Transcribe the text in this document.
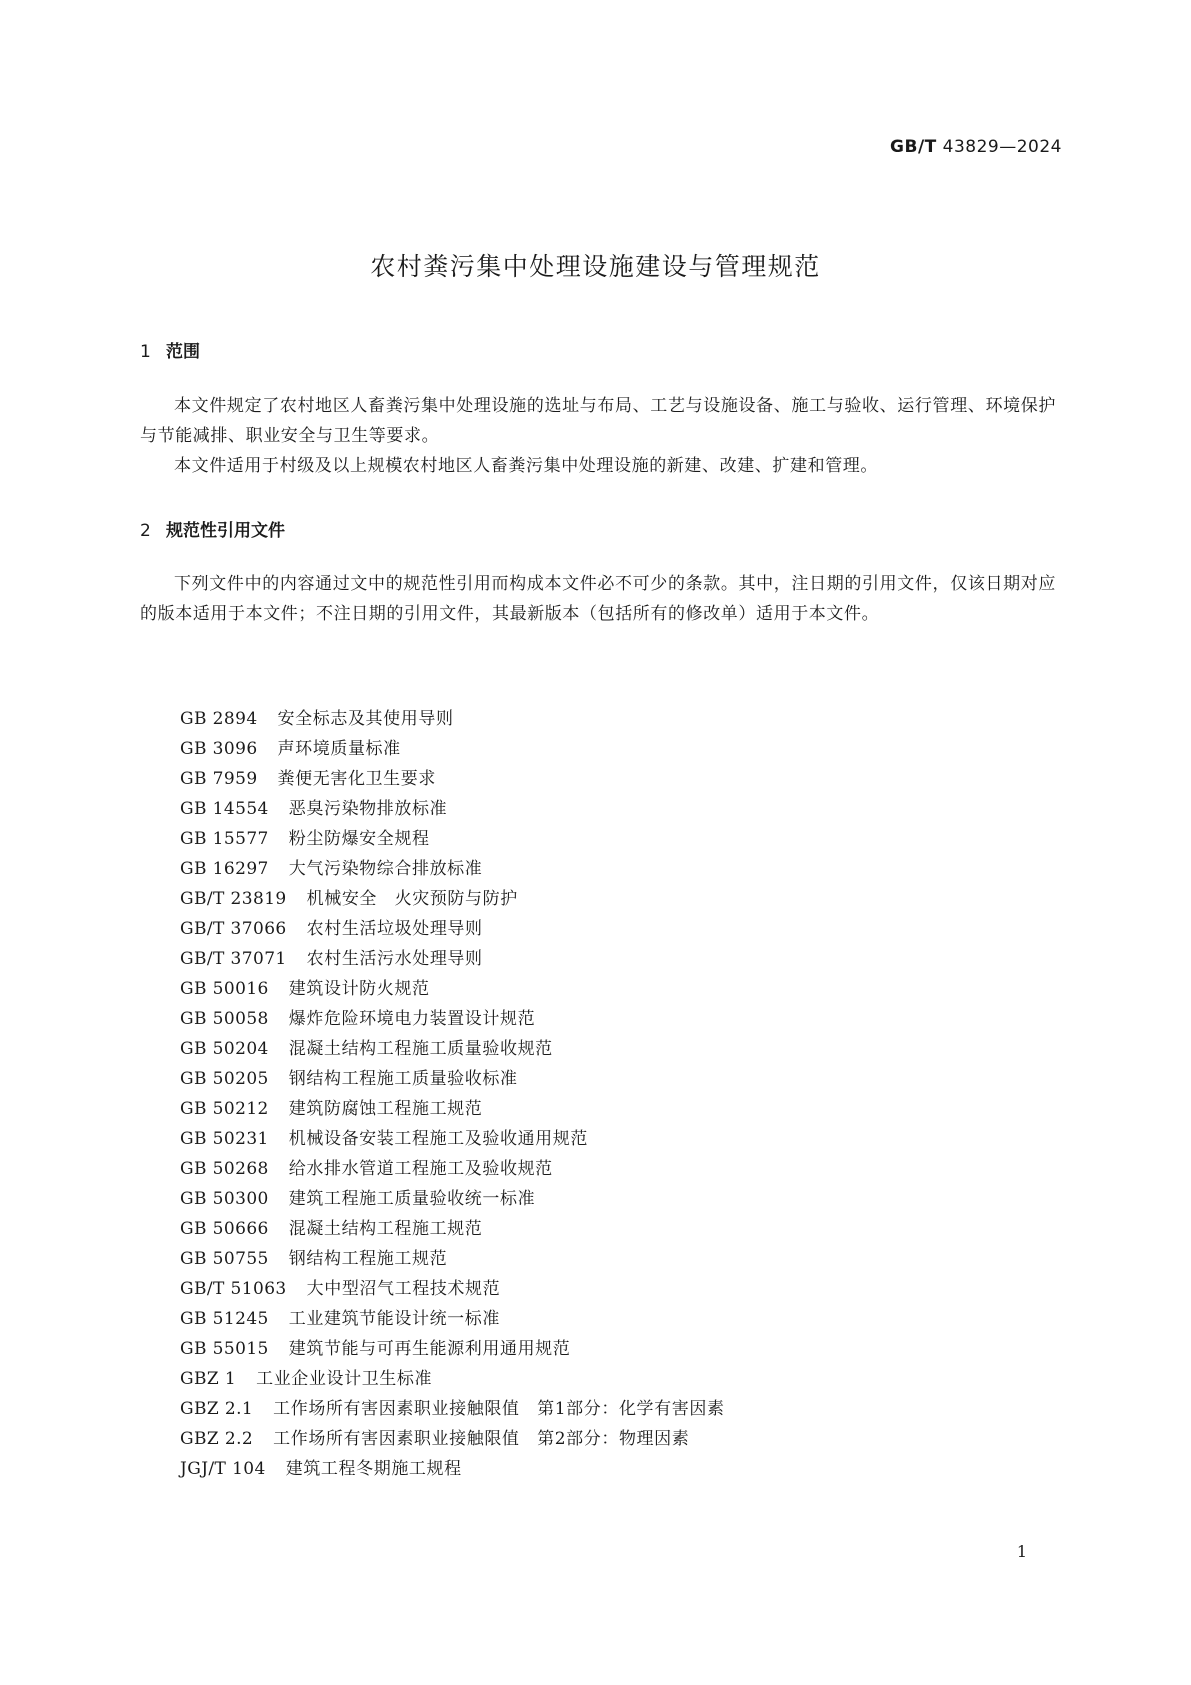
GB/T 43829—2024
农村粪污集中处理设施建设与管理规范
1 范围
本文件规定了农村地区人畜粪污集中处理设施的选址与布局、工艺与设施设备、施工与验收、运行管理、环境保护与节能减排、职业安全与卫生等要求。
本文件适用于村级及以上规模农村地区人畜粪污集中处理设施的新建、改建、扩建和管理。
2 规范性引用文件
下列文件中的内容通过文中的规范性引用而构成本文件必不可少的条款。其中，注日期的引用文件，仅该日期对应的版本适用于本文件；不注日期的引用文件，其最新版本（包括所有的修改单）适用于本文件。
GB 2894 安全标志及其使用导则
GB 3096 声环境质量标准
GB 7959 粪便无害化卫生要求
GB 14554 恶臭污染物排放标准
GB 15577 粉尘防爆安全规程
GB 16297 大气污染物综合排放标准
GB/T 23819 机械安全　火灾预防与防护
GB/T 37066 农村生活垃圾处理导则
GB/T 37071 农村生活污水处理导则
GB 50016 建筑设计防火规范
GB 50058 爆炸危险环境电力装置设计规范
GB 50204 混凝土结构工程施工质量验收规范
GB 50205 钢结构工程施工质量验收标准
GB 50212 建筑防腐蚀工程施工规范
GB 50231 机械设备安装工程施工及验收通用规范
GB 50268 给水排水管道工程施工及验收规范
GB 50300 建筑工程施工质量验收统一标准
GB 50666 混凝土结构工程施工规范
GB 50755 钢结构工程施工规范
GB/T 51063 大中型沼气工程技术规范
GB 51245 工业建筑节能设计统一标准
GB 55015 建筑节能与可再生能源利用通用规范
GBZ 1 工业企业设计卫生标准
GBZ 2.1 工作场所有害因素职业接触限值　第1部分：化学有害因素
GBZ 2.2 工作场所有害因素职业接触限值　第2部分：物理因素
JGJ/T 104 建筑工程冬期施工规程
1
